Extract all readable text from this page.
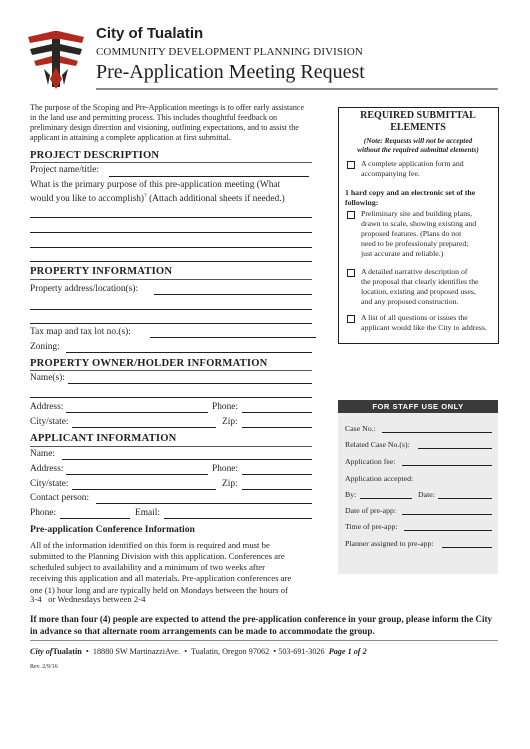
City of Tualatin
COMMUNITY DEVELOPMENT PLANNING DIVISION
Pre-Application Meeting Request
The purpose of the Scoping and Pre-Application meetings is to offer early assistance in the land use and permitting process. This includes thoughtful feedback on preliminary design direction and visioning, outlining expectations, and to assist the applicant in attaining a complete application at first submittal.
PROJECT DESCRIPTION
Project name/title:
What is the primary purpose of this pre-application meeting (What
would you like to accomplish)? (Attach additional sheets if needed.)
PROPERTY INFORMATION
Property address/location(s):
Tax map and tax lot no.(s):
Zoning:
PROPERTY OWNER/HOLDER INFORMATION
Name(s):
Address:	Phone:
City/state:	Zip:
APPLICANT INFORMATION
Name:
Address:	Phone:
City/state:	Zip:
Contact person:
Phone:	Email:
Pre-application Conference Information
All of the information identified on this form is required and must be
submitted to the Planning Division with this application. Conferences are
scheduled subject to availability and a minimum of two weeks after
receiving this application and all materials. Pre-application conferences are
one (1) hour long and are typically held on Mondays between the hours of
3-4   or Wednesdays between 2-4
REQUIRED SUBMITTAL
ELEMENTS
(Note: Requests will not be accepted
without the required submittal elements)
A complete application form and
accompanying fee.
1 hard copy and an electronic set of the
following:
Preliminary site and building plans,
drawn to scale, showing existing and
proposed features. (Plans do not
need to be professionaly prepared;
just accurate and reliable.)
A detailed narrative description of
the proposal that clearly identifies the
location, existing and proposed uses,
and any proposed construction.
A list of all questions or issues the
applicant would like the City to address.
FOR STAFF USE ONLY
Case No.:
Related Case No.(s):
Application fee:
Application accepted:
By:	Date:
Date of pre-app:
Time of pre-app:
Planner assigned to pre-app:
If more than four (4) people are expected to attend the pre-application conference in your group, please inform the City in advance so that alternate room arrangements can be made to accommodate the group.
City ofTualatin • 18880 SW MartinazziAve. • Tualatin, Oregon 97062 • 503-691-3026 Page 1 of 2
Rev. 2/9/16
